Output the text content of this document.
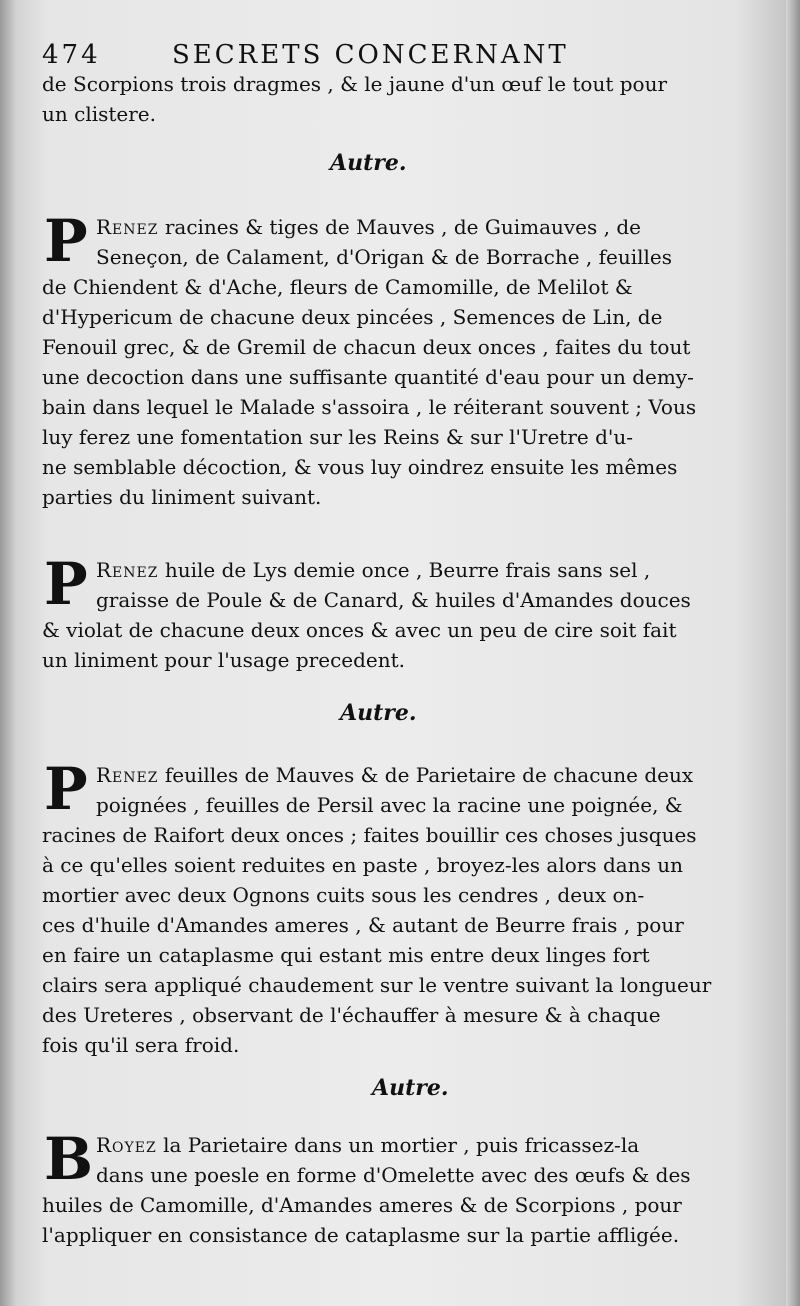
474	SECRETS CONCERNANT
de Scorpions trois dragmes , & le jaune d'un œuf le tout pour
un clistere.
Autre.
P Renez racines & tiges de Mauves , de Guimauves , de
Seneçon, de Calament, d'Origan & de Borrache , feuilles
de Chiendent & d'Ache, fleurs de Camomille, de Melilot &
d'Hypericum de chacune deux pincées , Semences de Lin, de
Fenouil grec, & de Gremil de chacun deux onces , faites du tout
une decoction dans une suffisante quantité d'eau pour un demy-
bain dans lequel le Malade s'assoira , le réiterant souvent ; Vous
luy ferez une fomentation sur les Reins & sur l'Uretre d'u-
ne semblable décoction, & vous luy oindrez ensuite les mêmes
parties du liniment suivant.
P Renez huile de Lys demie once , Beurre frais sans sel ,
graisse de Poule & de Canard, & huiles d'Amandes douces
& violat de chacune deux onces & avec un peu de cire soit fait
un liniment pour l'usage precedent.
Autre.
P Renez feuilles de Mauves & de Parietaire de chacune deux
poignées , feuilles de Persil avec la racine une poignée, &
racines de Raifort deux onces ; faites bouillir ces choses jusques
à ce qu'elles soient reduites en paste , broyez-les alors dans un
mortier avec deux Ognons cuits sous les cendres , deux on-
ces d'huile d'Amandes ameres , & autant de Beurre frais , pour
en faire un cataplasme qui estant mis entre deux linges fort
clairs sera appliqué chaudement sur le ventre suivant la longueur
des Ureteres , observant de l'échauffer à mesure & à chaque
fois qu'il sera froid.
Autre.
B Royez la Parietaire dans un mortier , puis fricassez-la
dans une poesle en forme d'Omelette avec des œufs & des
huiles de Camomille, d'Amandes ameres & de Scorpions , pour
l'appliquer en consistance de cataplasme sur la partie affligée.
